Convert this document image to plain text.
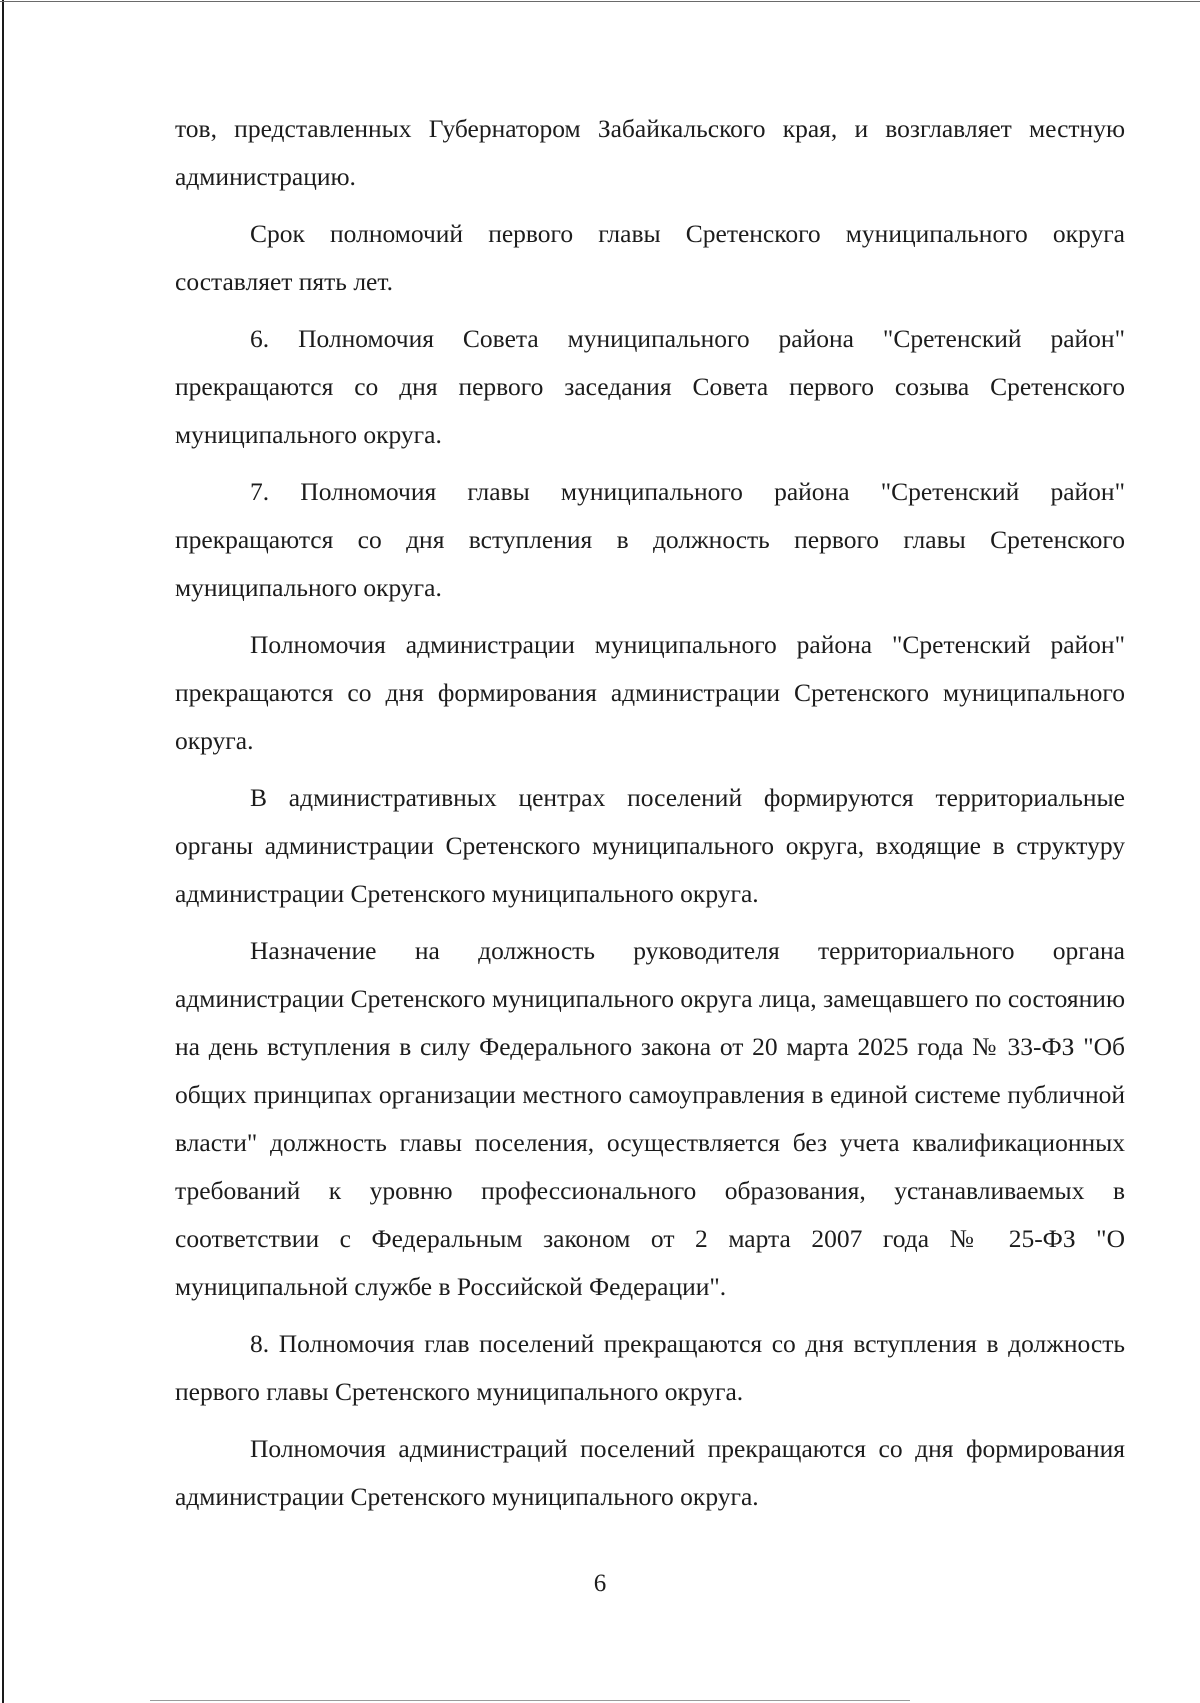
тов, представленных Губернатором Забайкальского края, и возглавляет местную администрацию.

Срок полномочий первого главы Сретенского муниципального округа составляет пять лет.

6. Полномочия Совета муниципального района "Сретенский район" прекращаются со дня первого заседания Совета первого созыва Сретенского муниципального округа.

7. Полномочия главы муниципального района "Сретенский район" прекращаются со дня вступления в должность первого главы Сретенского муниципального округа.

Полномочия администрации муниципального района "Сретенский район" прекращаются со дня формирования администрации Сретенского муниципального округа.

В административных центрах поселений формируются территориальные органы администрации Сретенского муниципального округа, входящие в структуру администрации Сретенского муниципального округа.

Назначение на должность руководителя территориального органа администрации Сретенского муниципального округа лица, замещавшего по состоянию на день вступления в силу Федерального закона от 20 марта 2025 года № 33-ФЗ "Об общих принципах организации местного самоуправления в единой системе публичной власти" должность главы поселения, осуществляется без учета квалификационных требований к уровню профессионального образования, устанавливаемых в соответствии с Федеральным законом от 2 марта 2007 года № 25-ФЗ "О муниципальной службе в Российской Федерации".

8. Полномочия глав поселений прекращаются со дня вступления в должность первого главы Сретенского муниципального округа.

Полномочия администраций поселений прекращаются со дня формирования администрации Сретенского муниципального округа.

6
